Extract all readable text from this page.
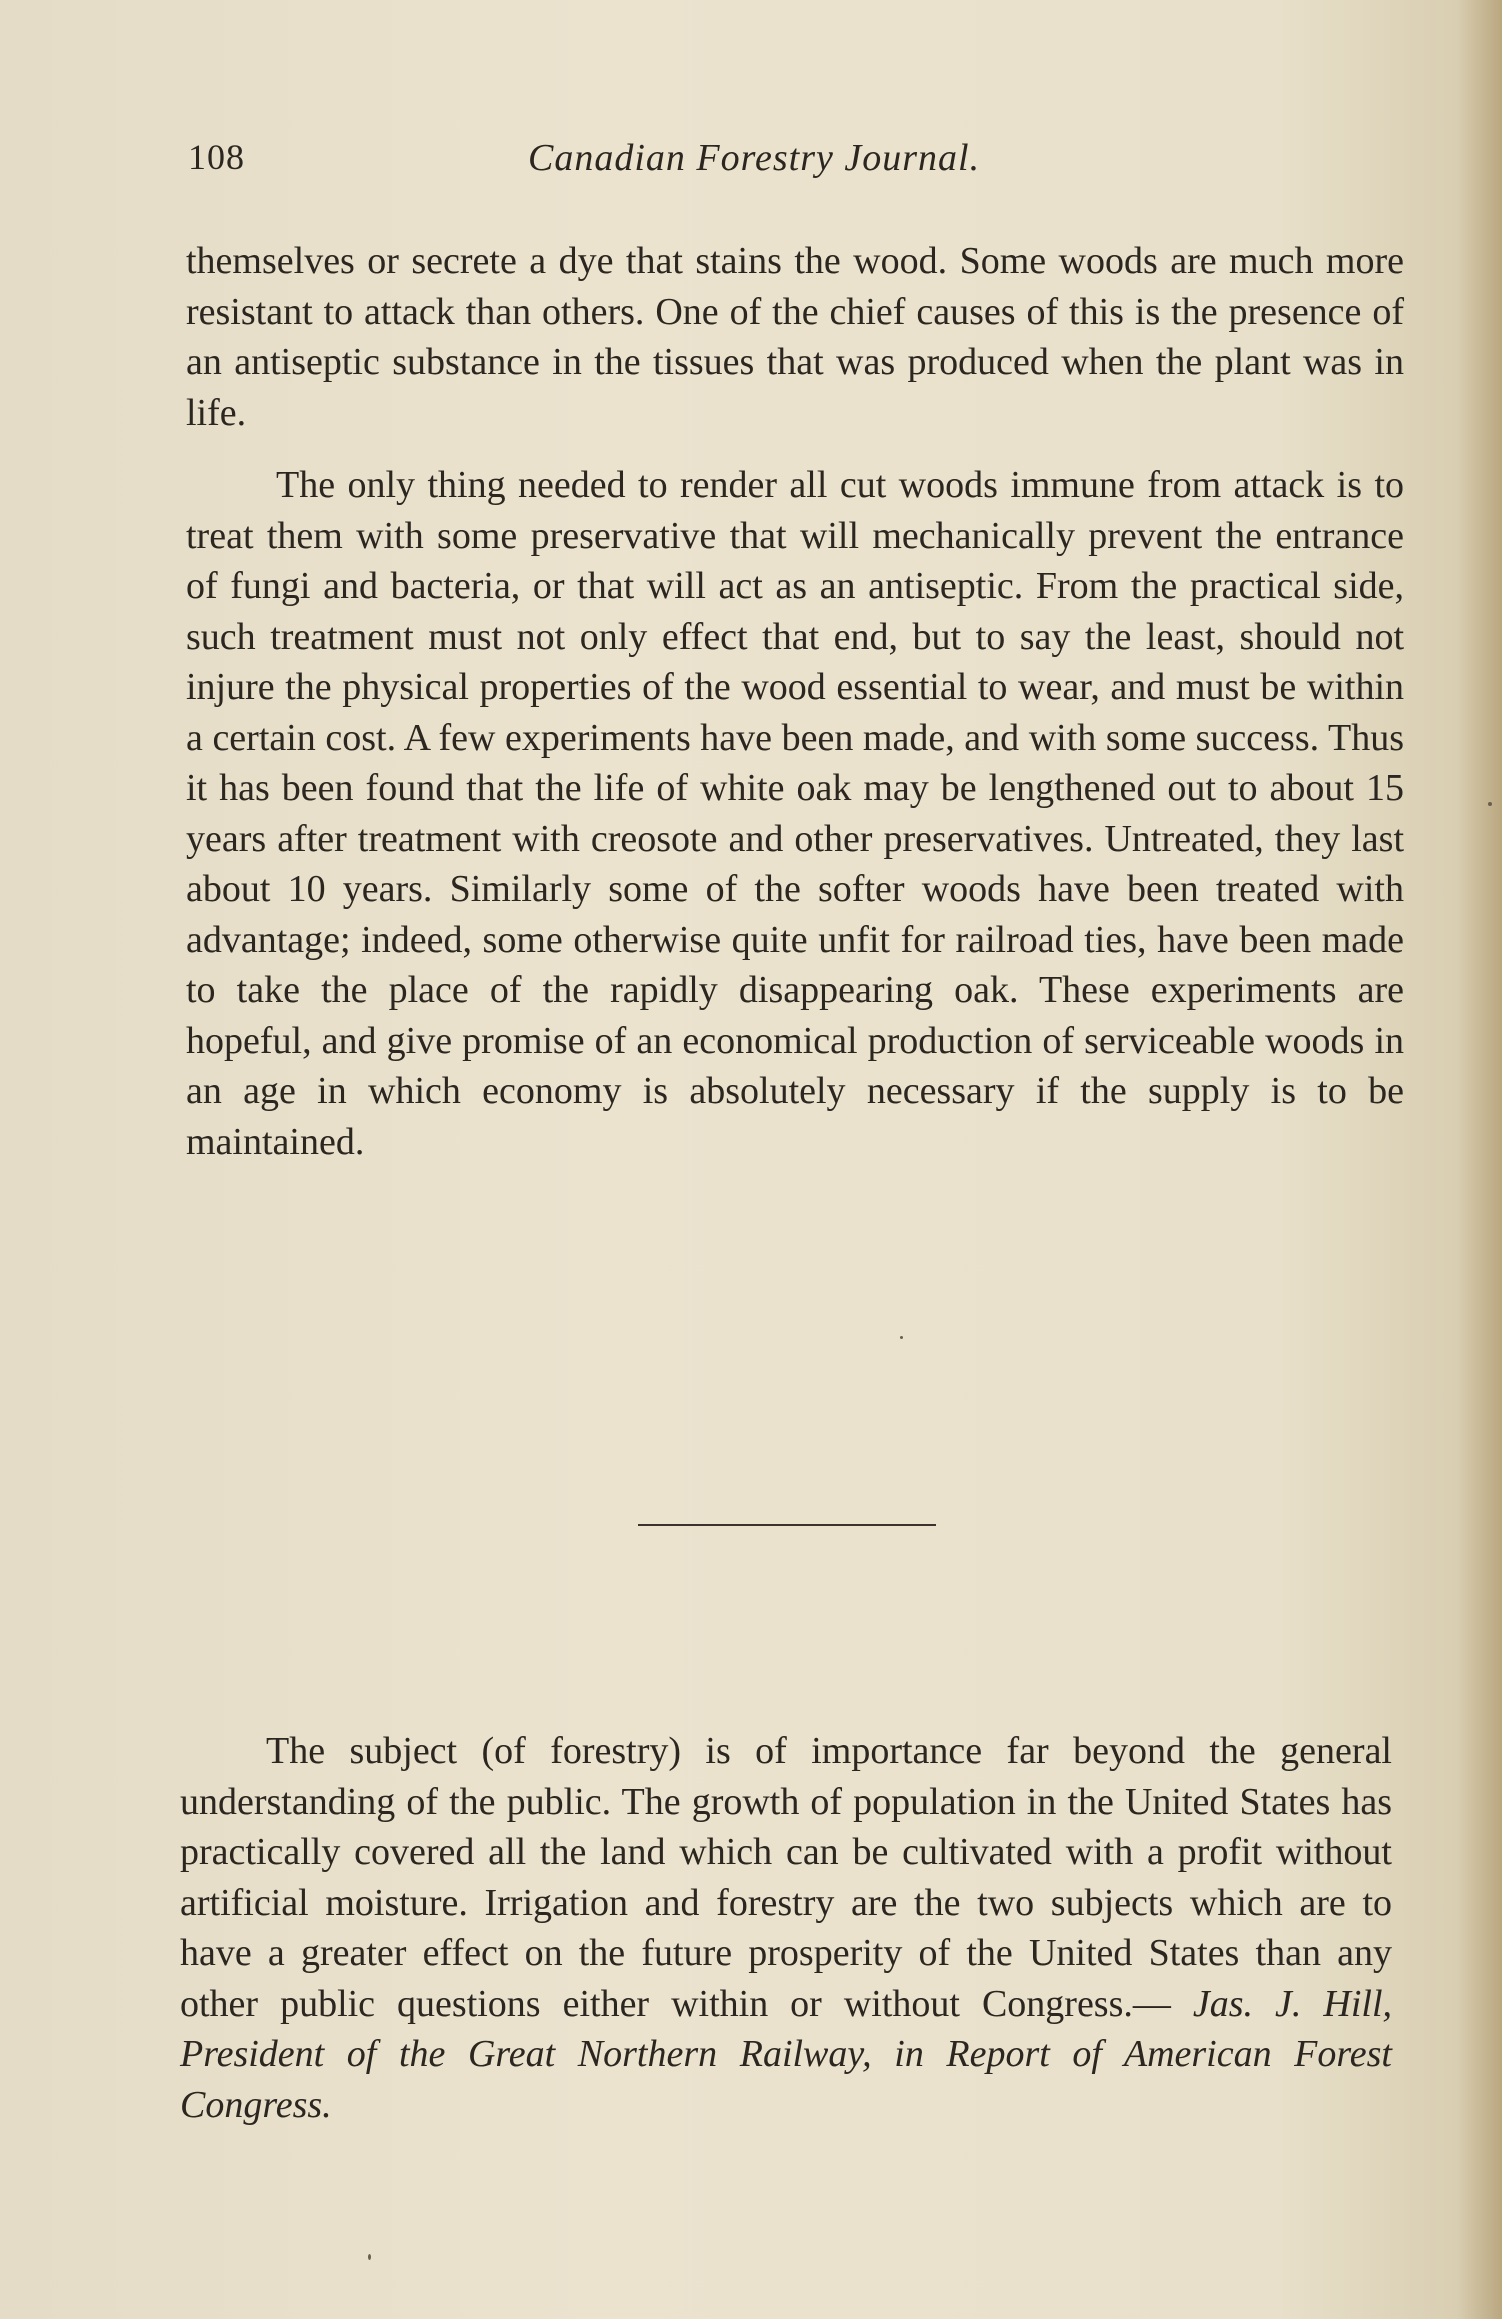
108	Canadian Forestry Journal.

themselves or secrete a dye that stains the wood. Some woods are much more resistant to attack than others. One of the chief causes of this is the presence of an antiseptic substance in the tissues that was produced when the plant was in life.

The only thing needed to render all cut woods immune from attack is to treat them with some preservative that will mechanically prevent the entrance of fungi and bacteria, or that will act as an antiseptic. From the practical side, such treatment must not only effect that end, but to say the least, should not injure the physical properties of the wood essential to wear, and must be within a certain cost. A few experiments have been made, and with some success. Thus it has been found that the life of white oak may be lengthened out to about 15 years after treatment with creosote and other preservatives. Untreated, they last about 10 years. Similarly some of the softer woods have been treated with advantage; indeed, some otherwise quite unfit for railroad ties, have been made to take the place of the rapidly disappearing oak. These experiments are hopeful, and give promise of an economical production of serviceable woods in an age in which economy is absolutely necessary if the supply is to be maintained.

The subject (of forestry) is of importance far beyond the general understanding of the public. The growth of population in the United States has practically covered all the land which can be cultivated with a profit without artificial moisture. Irrigation and forestry are the two subjects which are to have a greater effect on the future prosperity of the United States than any other public questions either within or without Congress.— Jas. J. Hill, President of the Great Northern Railway, in Report of American Forest Congress.
